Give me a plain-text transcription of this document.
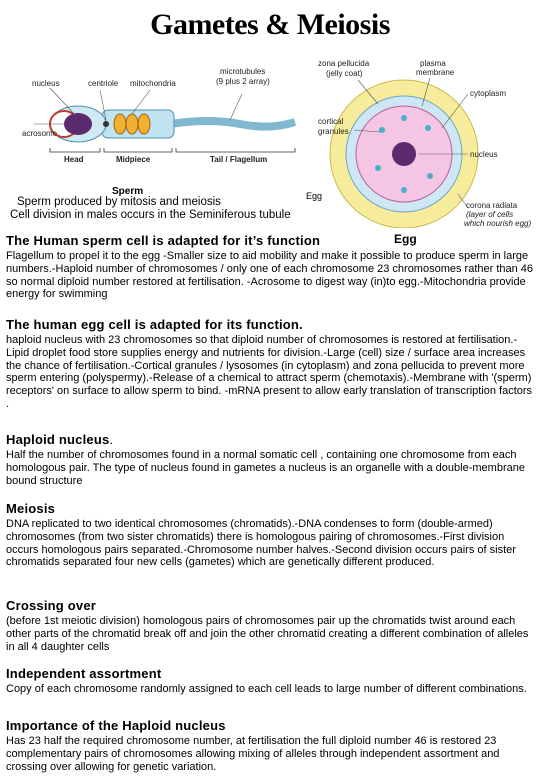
Gametes & Meiosis
nucleus	centriole mitochondria
microtubules
(9 plus 2 array)
acrosome
Head	Midpiece	Tail / Flagellum
Sperm
zona pellucida
(jelly coat)
plasma
membrane
cytoplasm
cortical
granules
nucleus
corona radiata
(layer of cells
which nourish egg)
Egg
Sperm produced by mitosis and meiosis
Cell division in males occurs in the Seminiferous tubule
Egg
The Human sperm cell is adapted for it’s function

Flagellum to propel it to the egg -Smaller size to aid mobility and make it possible to produce sperm in large numbers.-Haploid number of chromosomes / only one of each chromosome 23 chromosomes rather than 46 so normal diploid number restored at fertilisation. -Acrosome to digest way (in)to egg.-Mitochondria provide energy for swimming

The human egg cell is adapted for its function.

haploid nucleus with 23 chromosomes so that diploid number of chromosomes is restored at fertilisation.-Lipid droplet food store supplies energy and nutrients for division.-Large (cell) size / surface area increases the chance of fertilisation.-Cortical granules / lysosomes (in cytoplasm) and zona pellucida to prevent more sperm entering (polyspermy).-Release of a chemical to attract sperm (chemotaxis).-Membrane with '(sperm) receptors' on surface to allow sperm to bind. -mRNA present to allow early translation of transcription factors .

Haploid nucleus.

Half the number of chromosomes found in a normal somatic cell , containing one chromosome from each homologous pair. The type of nucleus found in gametes a nucleus is an organelle with a double-membrane bound structure

Meiosis

DNA replicated to two identical chromosomes (chromatids).-DNA condenses to form (double-armed) chromosomes (from two sister chromatids) there is homologous pairing of chromosomes.-First division occurs homologous pairs separated.-Chromosome number halves.-Second division occurs pairs of sister chromatids separated four new cells (gametes) which are genetically different produced.

Crossing over

(before 1st meiotic division) homologous pairs of chromosomes pair up the chromatids twist around each other parts of the chromatid break off and join the other chromatid creating a different combination of alleles in all 4 daughter cells

Independent assortment

Copy of each chromosome randomly assigned to each cell leads to large number of different combinations.

Importance of the Haploid nucleus

Has 23 half the required chromosome number, at fertilisation the full diploid number 46 is restored 23 complementary pairs of chromosomes allowing mixing of alleles through independent assortment and crossing over allowing for genetic variation.
